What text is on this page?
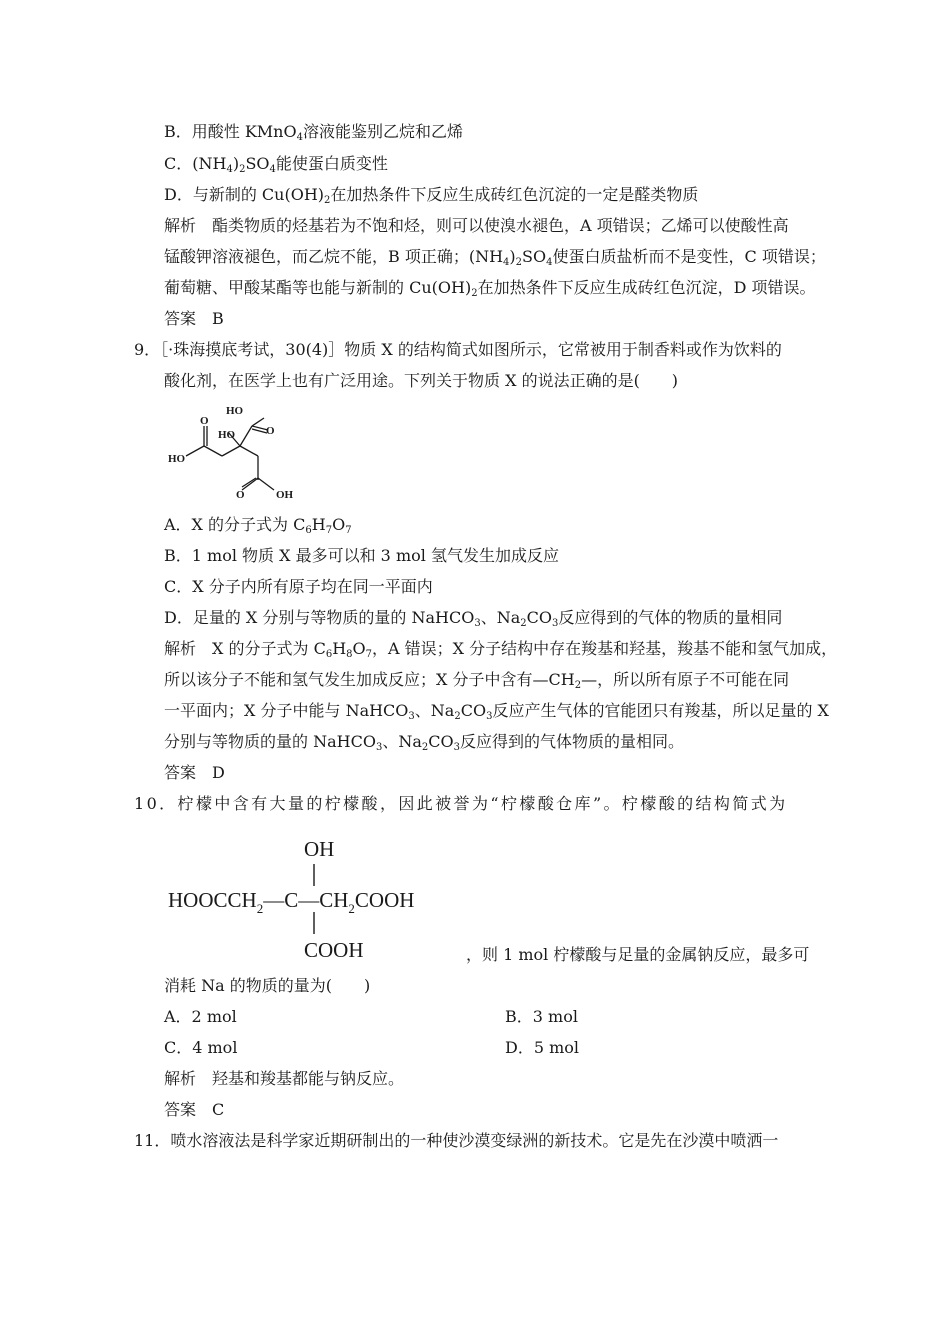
B．用酸性 KMnO$_4$溶液能鉴别乙烷和乙烯
C．$(NH_4)_2SO_4$能使蛋白质变性
D．与新制的 $Cu(OH)_2$在加热条件下反应生成砖红色沉淀的一定是醛类物质
解析　酯类物质的烃基若为不饱和烃，则可以使溴水褪色，A 项错误；乙烯可以使酸性高
锰酸钾溶液褪色，而乙烷不能，B 项正确；$(NH_4)_2SO_4$使蛋白质盐析而不是变性，C 项错误；
葡萄糖、甲酸某酯等也能与新制的 $Cu(OH)_2$在加热条件下反应生成砖红色沉淀，D 项错误。
答案　B
9．［·珠海摸底考试，30(4)］物质 X 的结构简式如图所示，它常被用于制香料或作为饮料的
酸化剂，在医学上也有广泛用途。下列关于物质 X 的说法正确的是(　　)
HO
O
HO
O
HO
O	OH
A．X 的分子式为 $C_6H_7O_7$
B．1 mol 物质 X 最多可以和 3 mol 氢气发生加成反应
C．X 分子内所有原子均在同一平面内
D．足量的 X 分别与等物质的量的 NaHCO$_3$、$Na_2CO_3$反应得到的气体的物质的量相同
解析　X 的分子式为 $C_6H_8O_7$，A 错误；X 分子结构中存在羧基和羟基，羧基不能和氢气加成，
所以该分子不能和氢气发生加成反应；X 分子中含有$—CH_2—$，所以所有原子不可能在同
一平面内；X 分子中能与 NaHCO$_3$、$Na_2CO_3$反应产生气体的官能团只有羧基，所以足量的 X
分别与等物质的量的 NaHCO$_3$、$Na_2CO_3$反应得到的气体物质的量相同。
答案　D
10．柠檬中含有大量的柠檬酸，因此被誉为“柠檬酸仓库”。柠檬酸的结构简式为
OH
$HOOCCH_2—C—CH_2COOH$
COOH	，则 1 mol 柠檬酸与足量的金属钠反应，最多可
消耗 Na 的物质的量为(　　)
A．2 mol	B．3 mol
C．4 mol	D．5 mol
解析　羟基和羧基都能与钠反应。
答案　C
11．喷水溶液法是科学家近期研制出的一种使沙漠变绿洲的新技术。它是先在沙漠中喷洒一
